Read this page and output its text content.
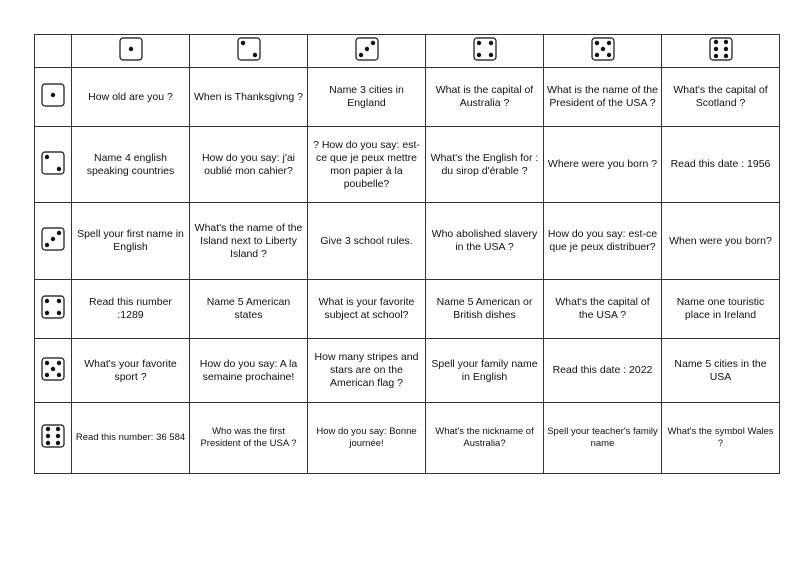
	How old are you ?	When is Thanksgivng ?	Name 3 cities in England	What is the capital of Australia ?	What is the name of the President of the USA ?	What's the capital of Scotland ?
	Name 4 english speaking countries	How do you say: j'ai oublié mon cahier?	? How do you say: est-ce que je peux mettre mon papier à la poubelle?	What's the English for : du sirop d'érable ?	Where were you born ?	Read this date : 1956
	Spell your first name in English	What's the name of the Island next to Liberty Island ?	Give 3 school rules.	Who abolished slavery in the USA ?	How do you say: est-ce que je peux distribuer?	When were you born?
	Read this number :1289	Name 5 American states	What is your favorite subject at school?	Name 5 American or British dishes	What's the capital of the USA ?	Name one touristic place in Ireland
	What's your favorite sport ?	How do you say: A la semaine prochaine!	How many stripes and stars are on the American flag ?	Spell your family name in English	Read this date : 2022	Name 5 cities in the USA
	Read this number: 36 584	Who was the first President of the USA ?	How do you say: Bonne journée!	What's the nickname of Australia?	Spell your teacher's family name	What's the symbol Wales ?
